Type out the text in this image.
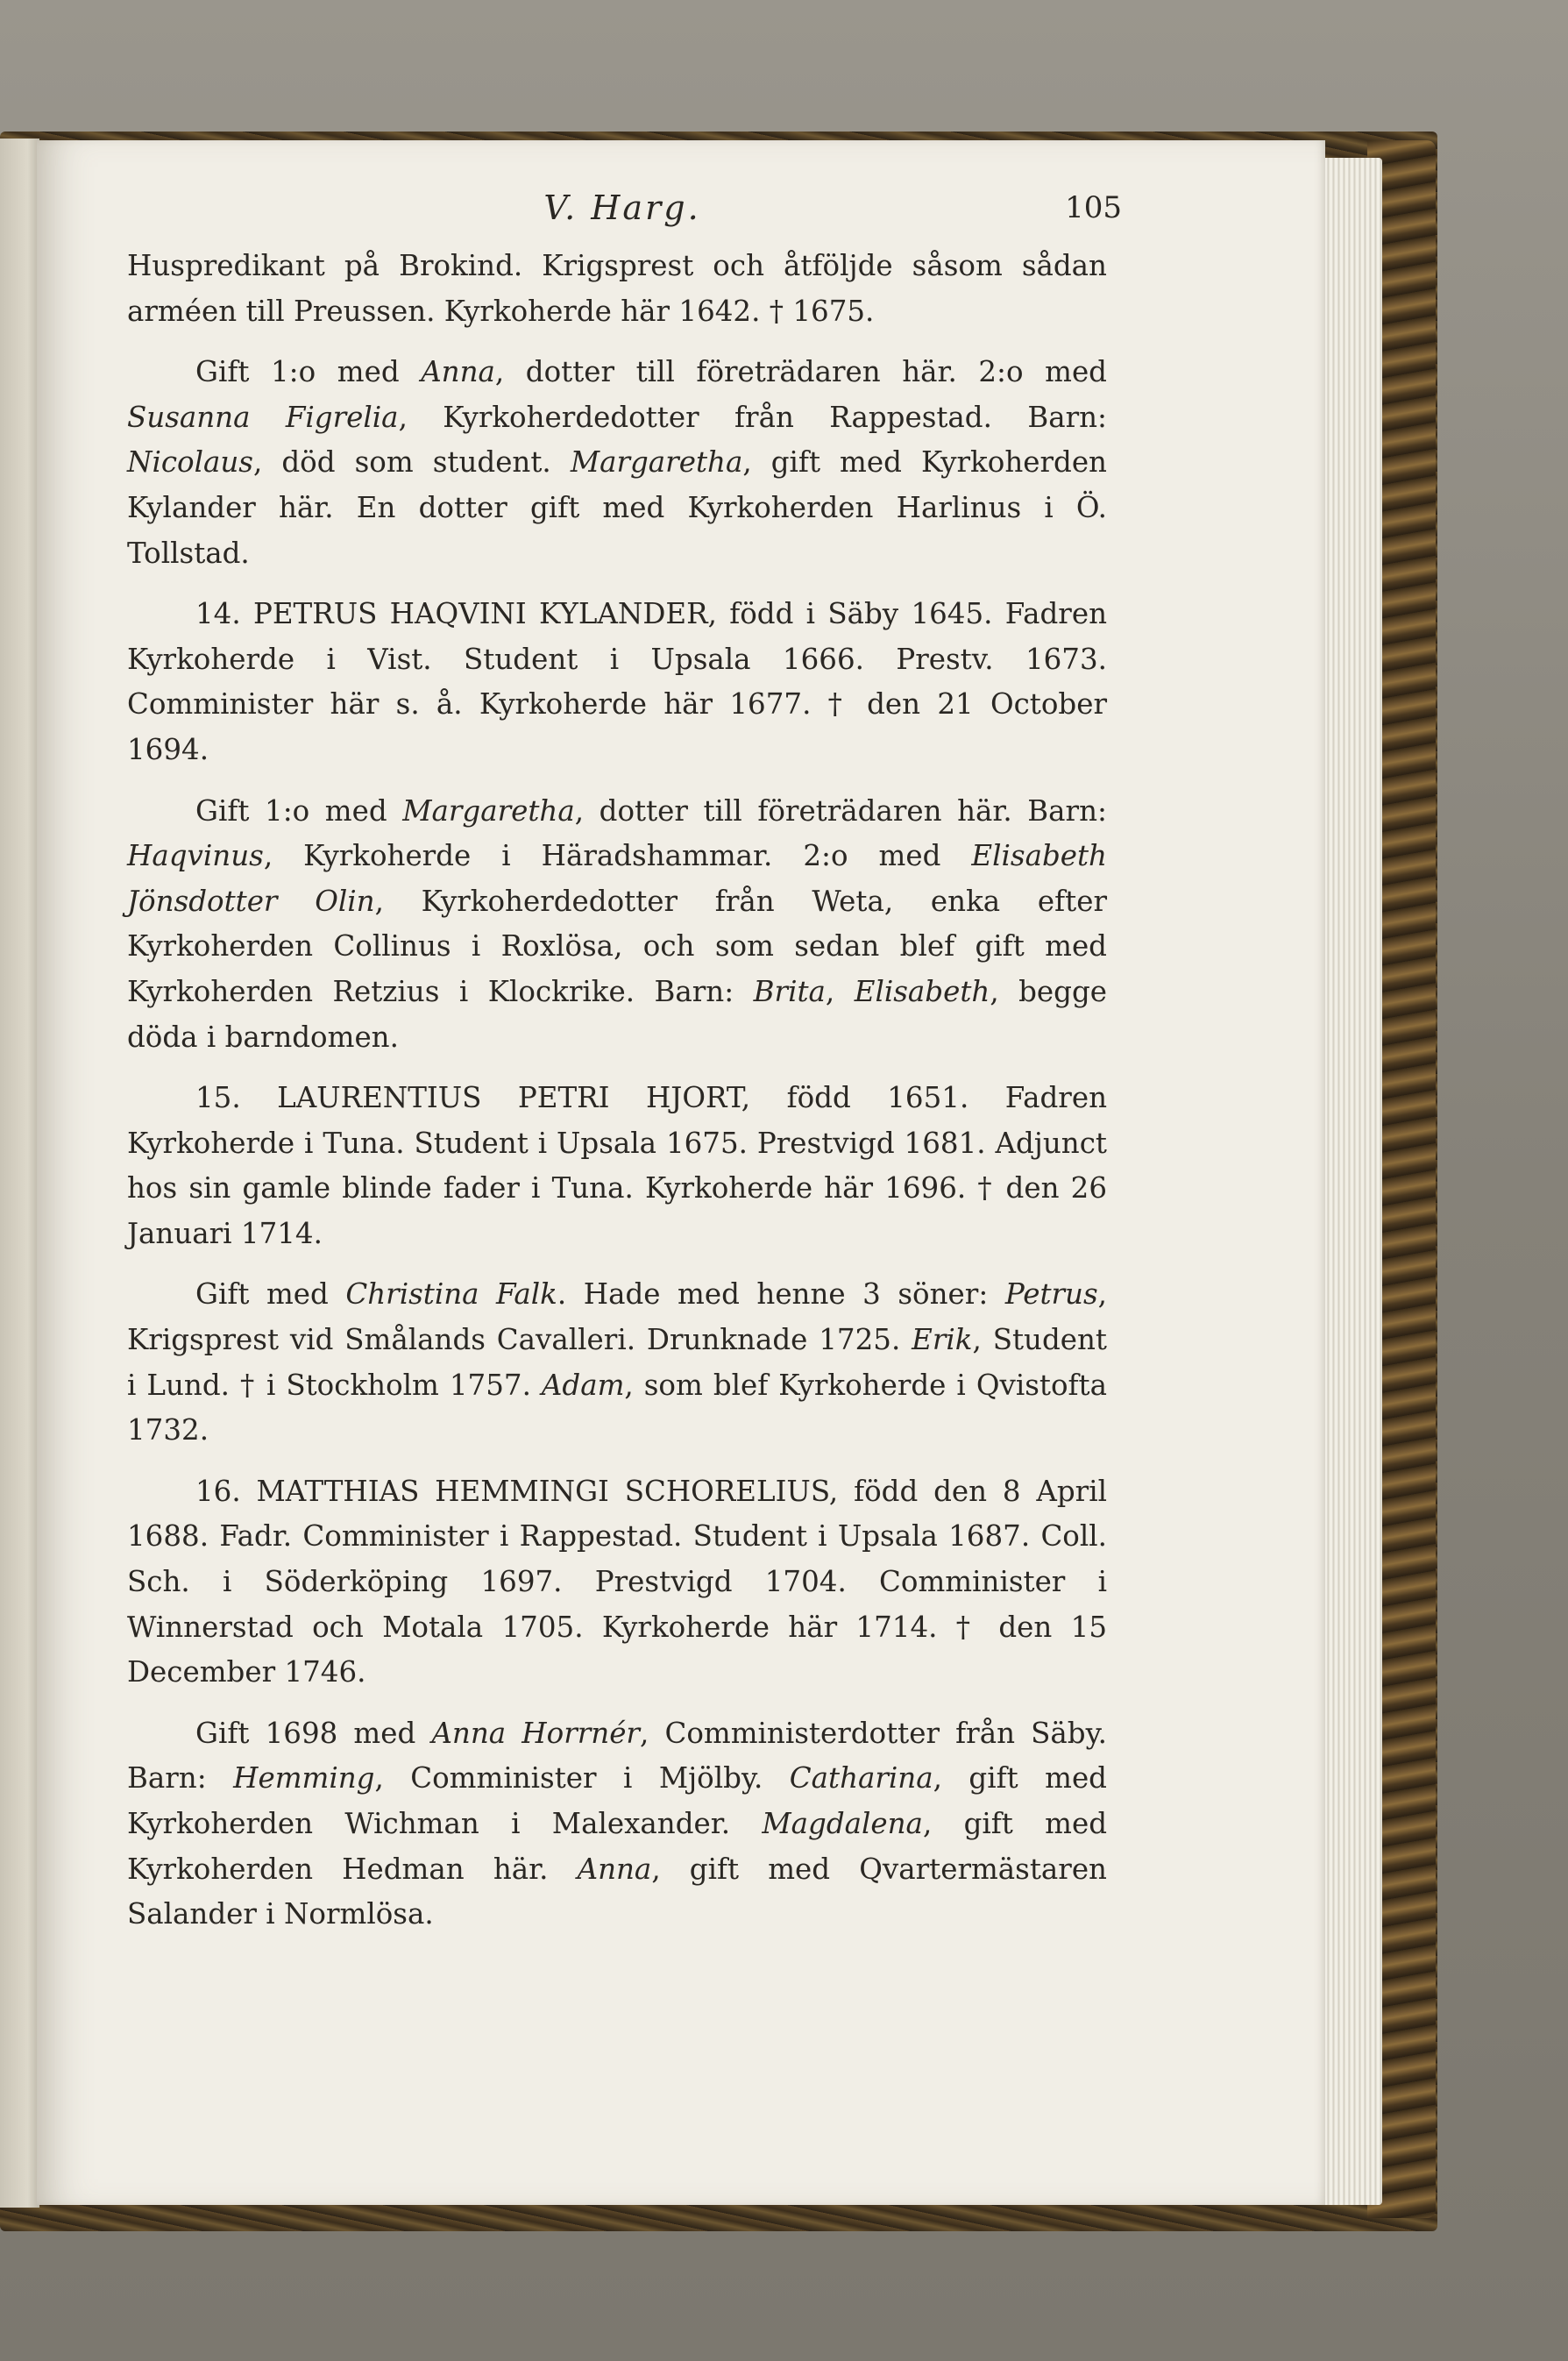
V. Harg.	105

Huspredikant på Brokind. Krigsprest och åtföljde såsom sådan arméen till Preussen. Kyrkoherde här 1642. † 1675.

Gift 1:o med Anna, dotter till företrädaren här. 2:o med Susanna Figrelia, Kyrkoherdedotter från Rappestad. Barn: Nicolaus, död som student. Margaretha, gift med Kyrkoherden Kylander här. En dotter gift med Kyrkoherden Harlinus i Ö. Tollstad.

14. PETRUS HAQVINI KYLANDER, född i Säby 1645. Fadren Kyrkoherde i Vist. Student i Upsala 1666. Prestv. 1673. Comminister här s. å. Kyrkoherde här 1677. † den 21 October 1694.

Gift 1:o med Margaretha, dotter till företrädaren här. Barn: Haqvinus, Kyrkoherde i Häradshammar. 2:o med Elisabeth Jönsdotter Olin, Kyrkoherdedotter från Weta, enka efter Kyrkoherden Collinus i Roxlösa, och som sedan blef gift med Kyrkoherden Retzius i Klockrike. Barn: Brita, Elisabeth, begge döda i barndomen.

15. LAURENTIUS PETRI HJORT, född 1651. Fadren Kyrkoherde i Tuna. Student i Upsala 1675. Prestvigd 1681. Adjunct hos sin gamle blinde fader i Tuna. Kyrkoherde här 1696. † den 26 Januari 1714.

Gift med Christina Falk. Hade med henne 3 söner: Petrus, Krigsprest vid Smålands Cavalleri. Drunknade 1725. Erik, Student i Lund. † i Stockholm 1757. Adam, som blef Kyrkoherde i Qvistofta 1732.

16. MATTHIAS HEMMINGI SCHORELIUS, född den 8 April 1688. Fadr. Comminister i Rappestad. Student i Upsala 1687. Coll. Sch. i Söderköping 1697. Prestvigd 1704. Comminister i Winnerstad och Motala 1705. Kyrkoherde här 1714. † den 15 December 1746.

Gift 1698 med Anna Horrnér, Comministerdotter från Säby. Barn: Hemming, Comminister i Mjölby. Catharina, gift med Kyrkoherden Wichman i Malexander. Magdalena, gift med Kyrkoherden Hedman här. Anna, gift med Qvartermästaren Salander i Normlösa.
